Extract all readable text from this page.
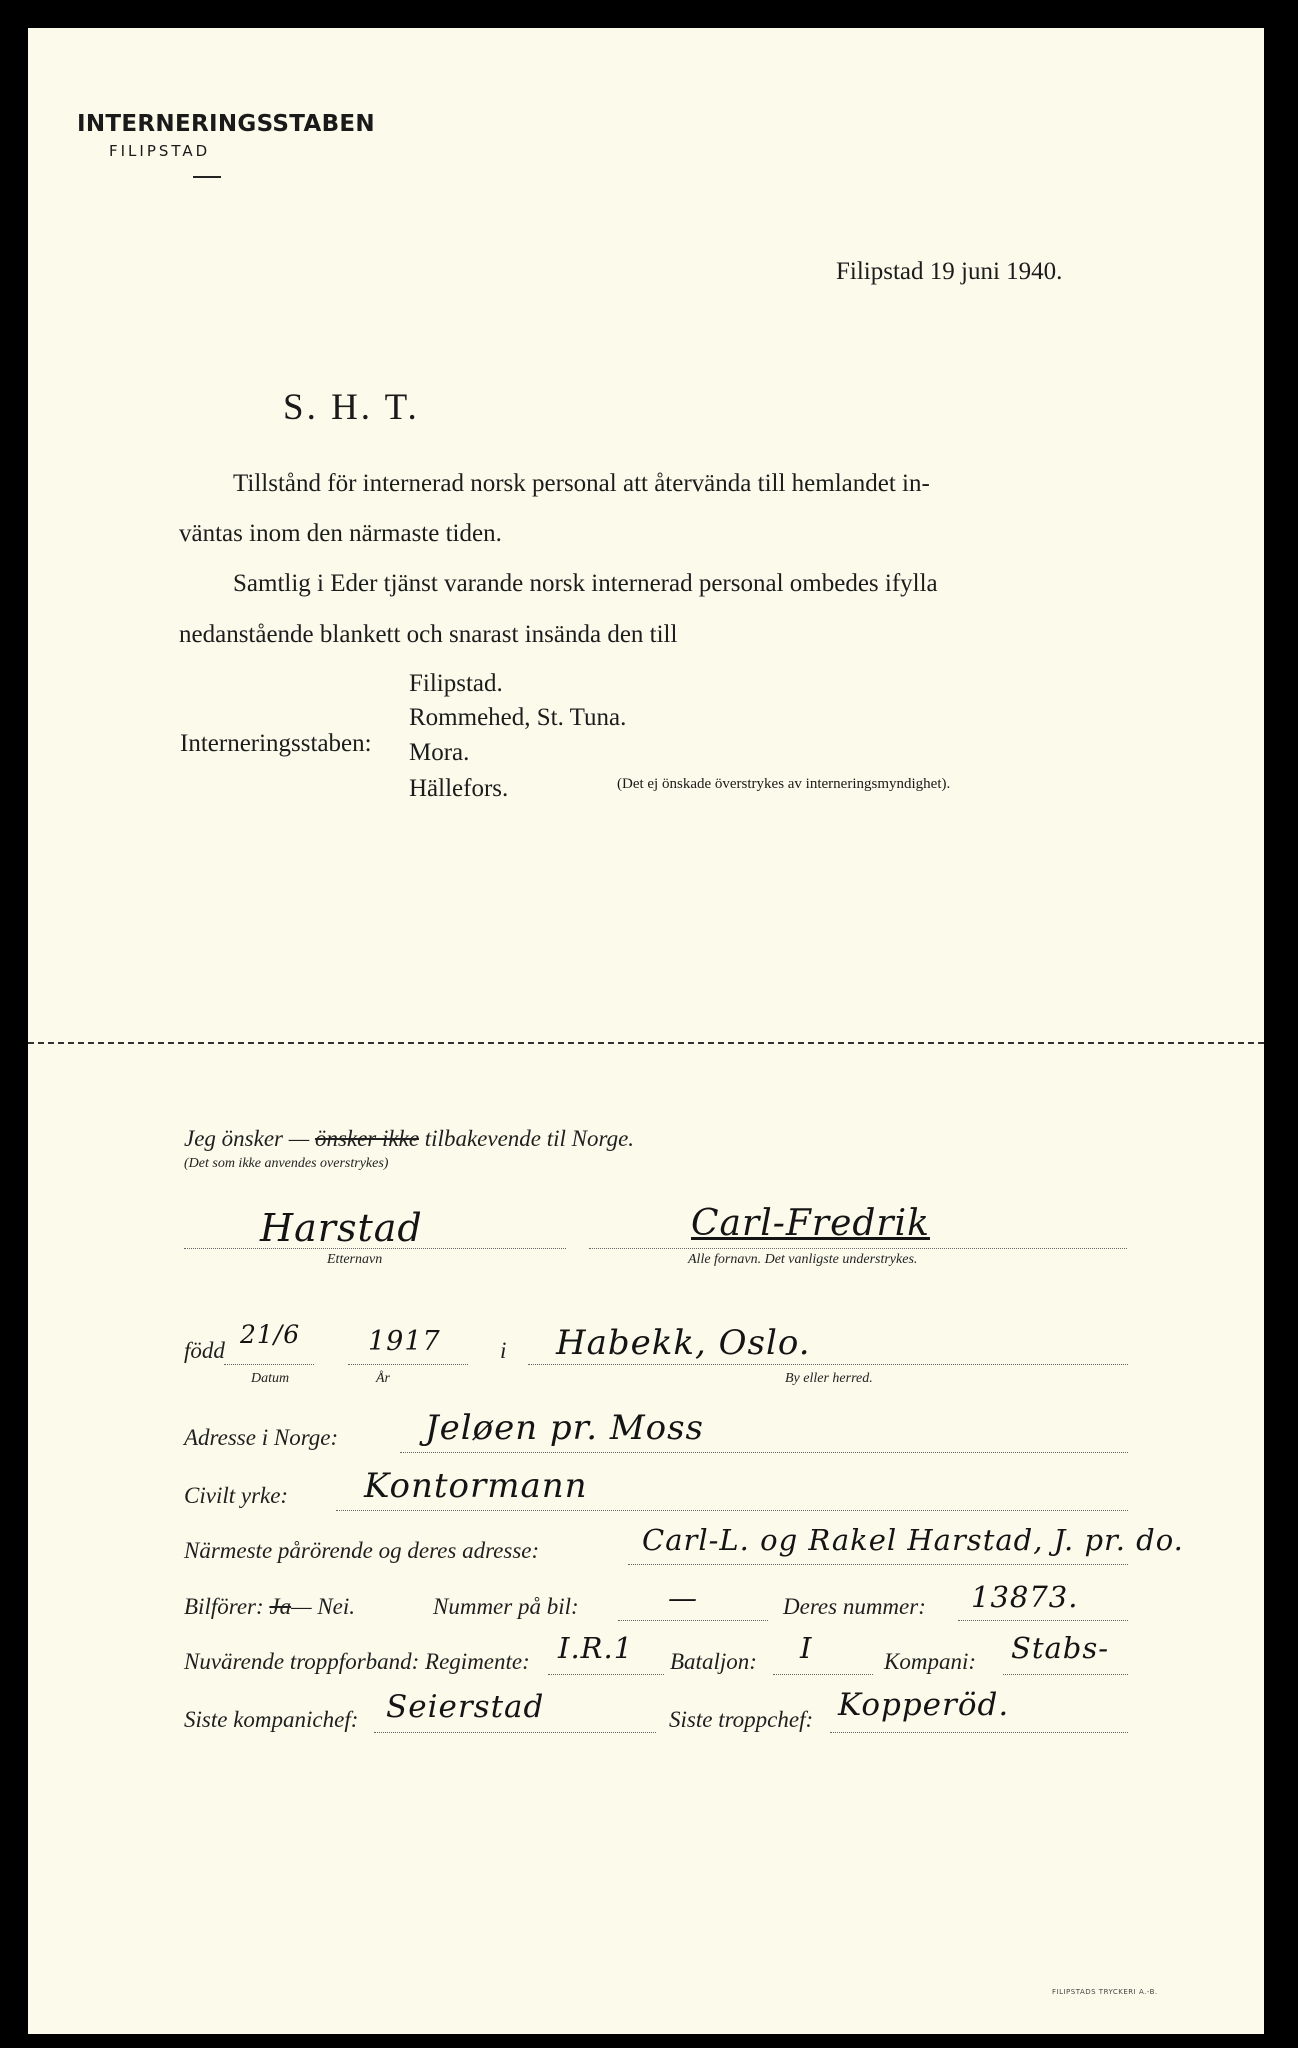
INTERNERINGSSTABEN
FILIPSTAD
Filipstad 19 juni 1940.
S. H. T.
Tillstånd för internerad norsk personal att återvända till hemlandet in-
väntas inom den närmaste tiden.
Samtlig i Eder tjänst varande norsk internerad personal ombedes ifylla
nedanstående blankett och snarast insända den till
Interneringsstaben:
Filipstad.
Rommehed, St. Tuna.
Mora.
Hällefors.	(Det ej önskade överstrykes av interneringsmyndighet).
Jeg önsker — önsker ikke tilbakevende til Norge.
(Det som ikke anvendes overstrykes)
Harstad
Etternavn
Carl-Fredrik
Alle fornavn. Det vanligste understrykes.
född
21/6
Datum
1917
År
i Habekk, Oslo.
By eller herred.
Adresse i Norge:	Jeløen pr. Moss
Civilt yrke: Kontormann
Närmeste pårörende og deres adresse:	Carl-L. og Rakel Harstad, J. pr. do.
Bilförer: Ja— Nei.	Nummer på bil:	—	Deres nummer: 13873.
Nuvärende troppforband: Regimente: I.R.1 Bataljon: I	Kompani: Stabs-
Siste kompanichef: Seierstad	Siste troppchef: Kopperöd.
FILIPSTADS TRYCKERI A.-B.
